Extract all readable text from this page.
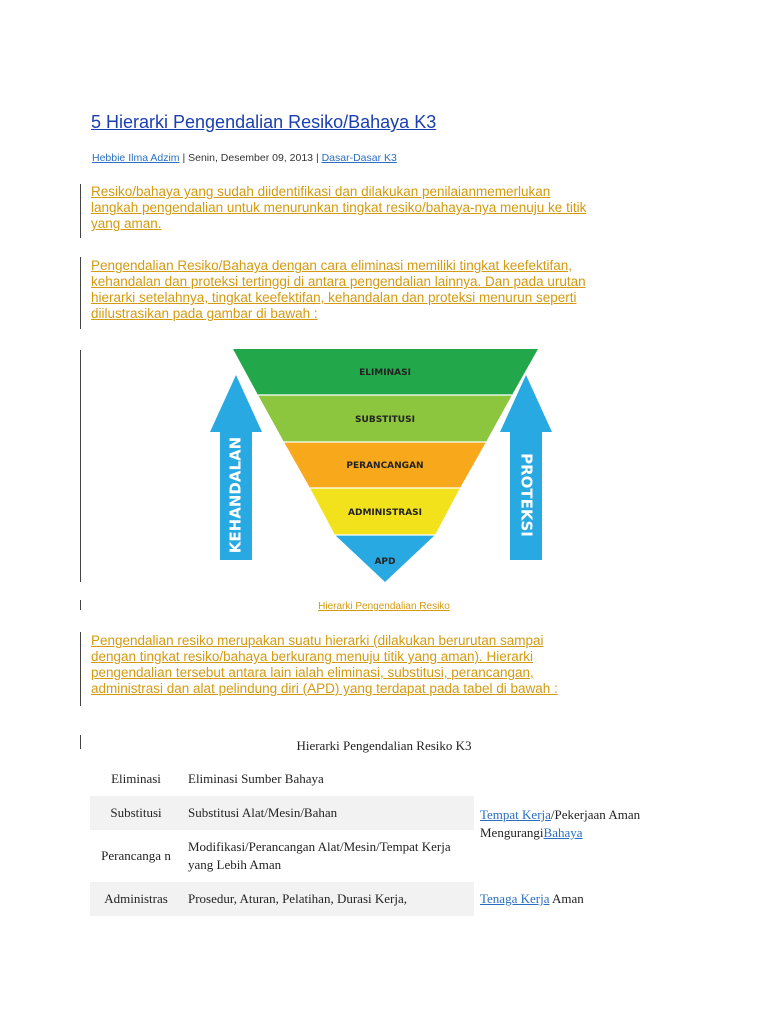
5 Hierarki Pengendalian Resiko/Bahaya K3
Hebbie Ilma Adzim | Senin, Desember 09, 2013 | Dasar-Dasar K3
Resiko/bahaya yang sudah diidentifikasi dan dilakukan penilaianmemerlukan
langkah pengendalian untuk menurunkan tingkat resiko/bahaya-nya menuju ke titik
yang aman.
Pengendalian Resiko/Bahaya dengan cara eliminasi memiliki tingkat keefektifan,
kehandalan dan proteksi tertinggi di antara pengendalian lainnya. Dan pada urutan
hierarki setelahnya, tingkat keefektifan, kehandalan dan proteksi menurun seperti
diilustrasikan pada gambar di bawah :
KEHANDALAN	PROTEKSI
ELIMINASI
SUBSTITUSI
PERANCANGAN
ADMINISTRASI
APD
Hierarki Pengendalian Resiko
Pengendalian resiko merupakan suatu hierarki (dilakukan berurutan sampai
dengan tingkat resiko/bahaya berkurang menuju titik yang aman). Hierarki
pengendalian tersebut antara lain ialah eliminasi, substitusi, perancangan,
administrasi dan alat pelindung diri (APD) yang terdapat pada tabel di bawah :
Hierarki Pengendalian Resiko K3
Eliminasi	Eliminasi Sumber Bahaya	
Substitusi	Substitusi Alat/Mesin/Bahan	Tempat Kerja/Pekerjaan Aman MengurangiBahaya
Perancanga n	Modifikasi/Perancangan Alat/Mesin/Tempat Kerja yang Lebih Aman	
Administras	Prosedur, Aturan, Pelatihan, Durasi Kerja,	Tenaga Kerja Aman
